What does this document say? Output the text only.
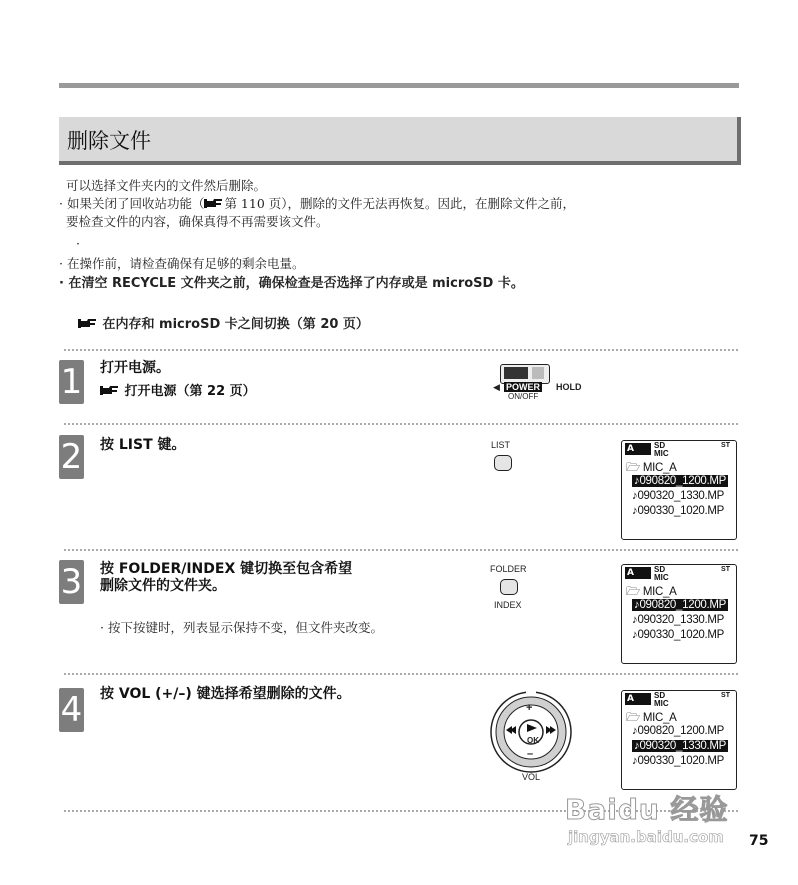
删除文件
可以选择文件夹内的文件然后删除。
· 如果关闭了回收站功能（ 第 110 页），删除的文件无法再恢复。因此，在删除文件之前，
要检查文件的内容，确保真得不再需要该文件。
·
· 在操作前，请检查确保有足够的剩余电量。
· 在清空 RECYCLE 文件夹之前，确保检查是否选择了内存或是 microSD 卡。
在内存和 microSD 卡之间切换（第 20 页）
1 打开电源。
打开电源（第 22 页）	◀ POWER HOLD
ON/OFF
2 按 LIST 键。	LIST	A	SD
MIC
ST
🗁 MIC_A
♪090820_1200.MP
♪090320_1330.MP
♪090330_1020.MP
3 按 FOLDER/INDEX 键切换至包含希望
删除文件的文件夹。
· 按下按键时，列表显示保持不变，但文件夹改变。
FOLDER
INDEX
A	SD
MIC
ST
🗁 MIC_A
♪090820_1200.MP
♪090320_1330.MP
♪090330_1020.MP
4 按 VOL (+/–) 键选择希望删除的文件。
+
OK
–
VOL
A	SD
MIC
ST
🗁 MIC_A
♪090820_1200.MP
♪090320_1330.MP
♪090330_1020.MP
Baidu 经验
jingyan.baidu.com 75
